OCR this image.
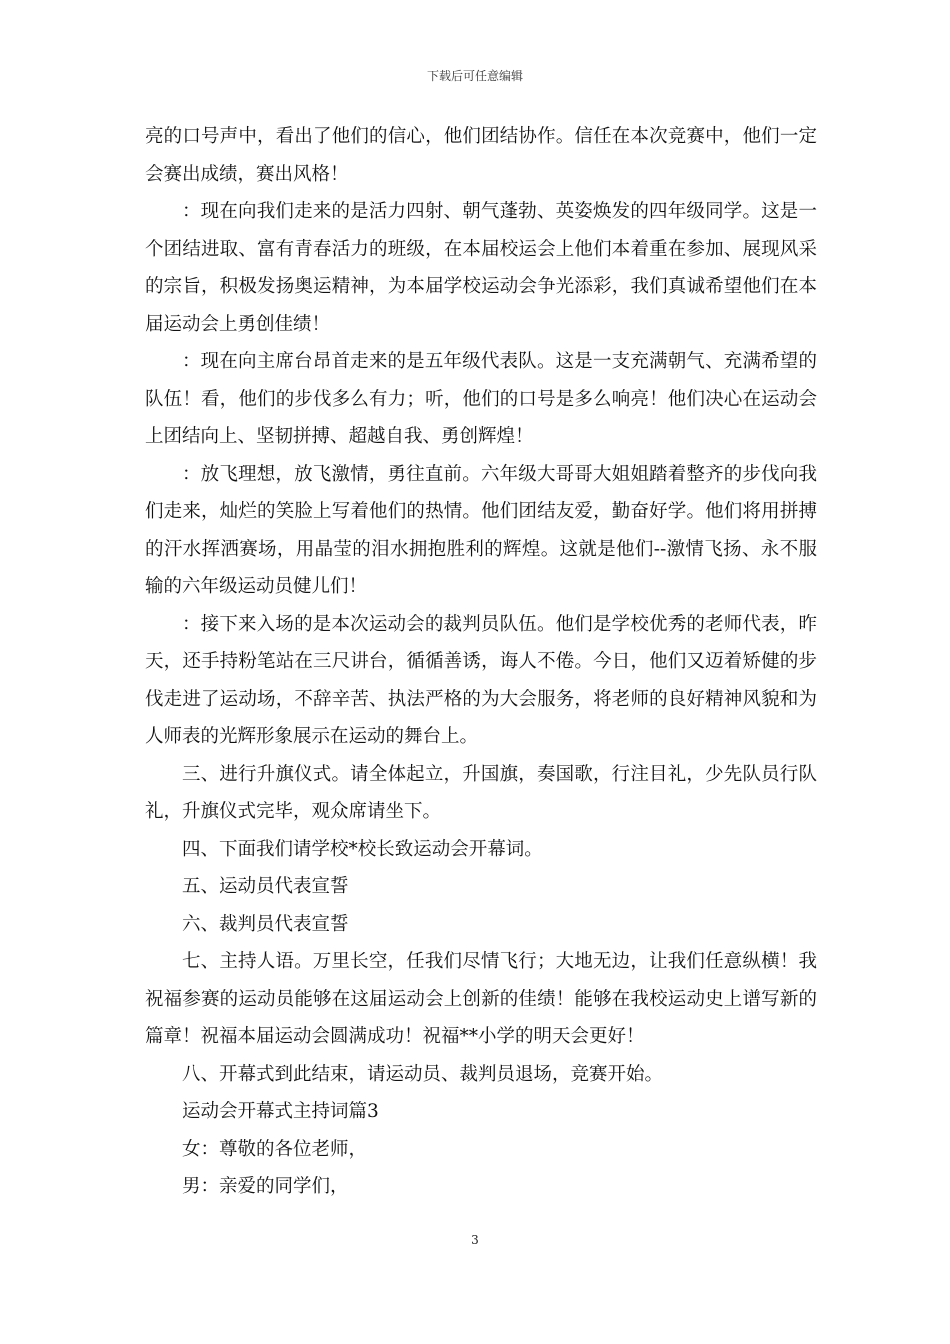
下载后可任意编辑

亮的口号声中，看出了他们的信心，他们团结协作。信任在本次竞赛中，他们一定会赛出成绩，赛出风格！

：现在向我们走来的是活力四射、朝气蓬勃、英姿焕发的四年级同学。这是一个团结进取、富有青春活力的班级，在本届校运会上他们本着重在参加、展现风采的宗旨，积极发扬奥运精神，为本届学校运动会争光添彩，我们真诚希望他们在本届运动会上勇创佳绩！

：现在向主席台昂首走来的是五年级代表队。这是一支充满朝气、充满希望的队伍！看，他们的步伐多么有力；听，他们的口号是多么响亮！他们决心在运动会上团结向上、坚韧拼搏、超越自我、勇创辉煌！

：放飞理想，放飞激情，勇往直前。六年级大哥哥大姐姐踏着整齐的步伐向我们走来，灿烂的笑脸上写着他们的热情。他们团结友爱，勤奋好学。他们将用拼搏的汗水挥洒赛场，用晶莹的泪水拥抱胜利的辉煌。这就是他们--激情飞扬、永不服输的六年级运动员健儿们！

：接下来入场的是本次运动会的裁判员队伍。他们是学校优秀的老师代表，昨天，还手持粉笔站在三尺讲台，循循善诱，诲人不倦。今日，他们又迈着矫健的步伐走进了运动场，不辞辛苦、执法严格的为大会服务，将老师的良好精神风貌和为人师表的光辉形象展示在运动的舞台上。

三、进行升旗仪式。请全体起立，升国旗，奏国歌，行注目礼，少先队员行队礼，升旗仪式完毕，观众席请坐下。

四、下面我们请学校*校长致运动会开幕词。

五、运动员代表宣誓

六、裁判员代表宣誓

七、主持人语。万里长空，任我们尽情飞行；大地无边，让我们任意纵横！我祝福参赛的运动员能够在这届运动会上创新的佳绩！能够在我校运动史上谱写新的篇章！祝福本届运动会圆满成功！祝福**小学的明天会更好！

八、开幕式到此结束，请运动员、裁判员退场，竞赛开始。

运动会开幕式主持词篇3

女：尊敬的各位老师，

男：亲爱的同学们，

3
